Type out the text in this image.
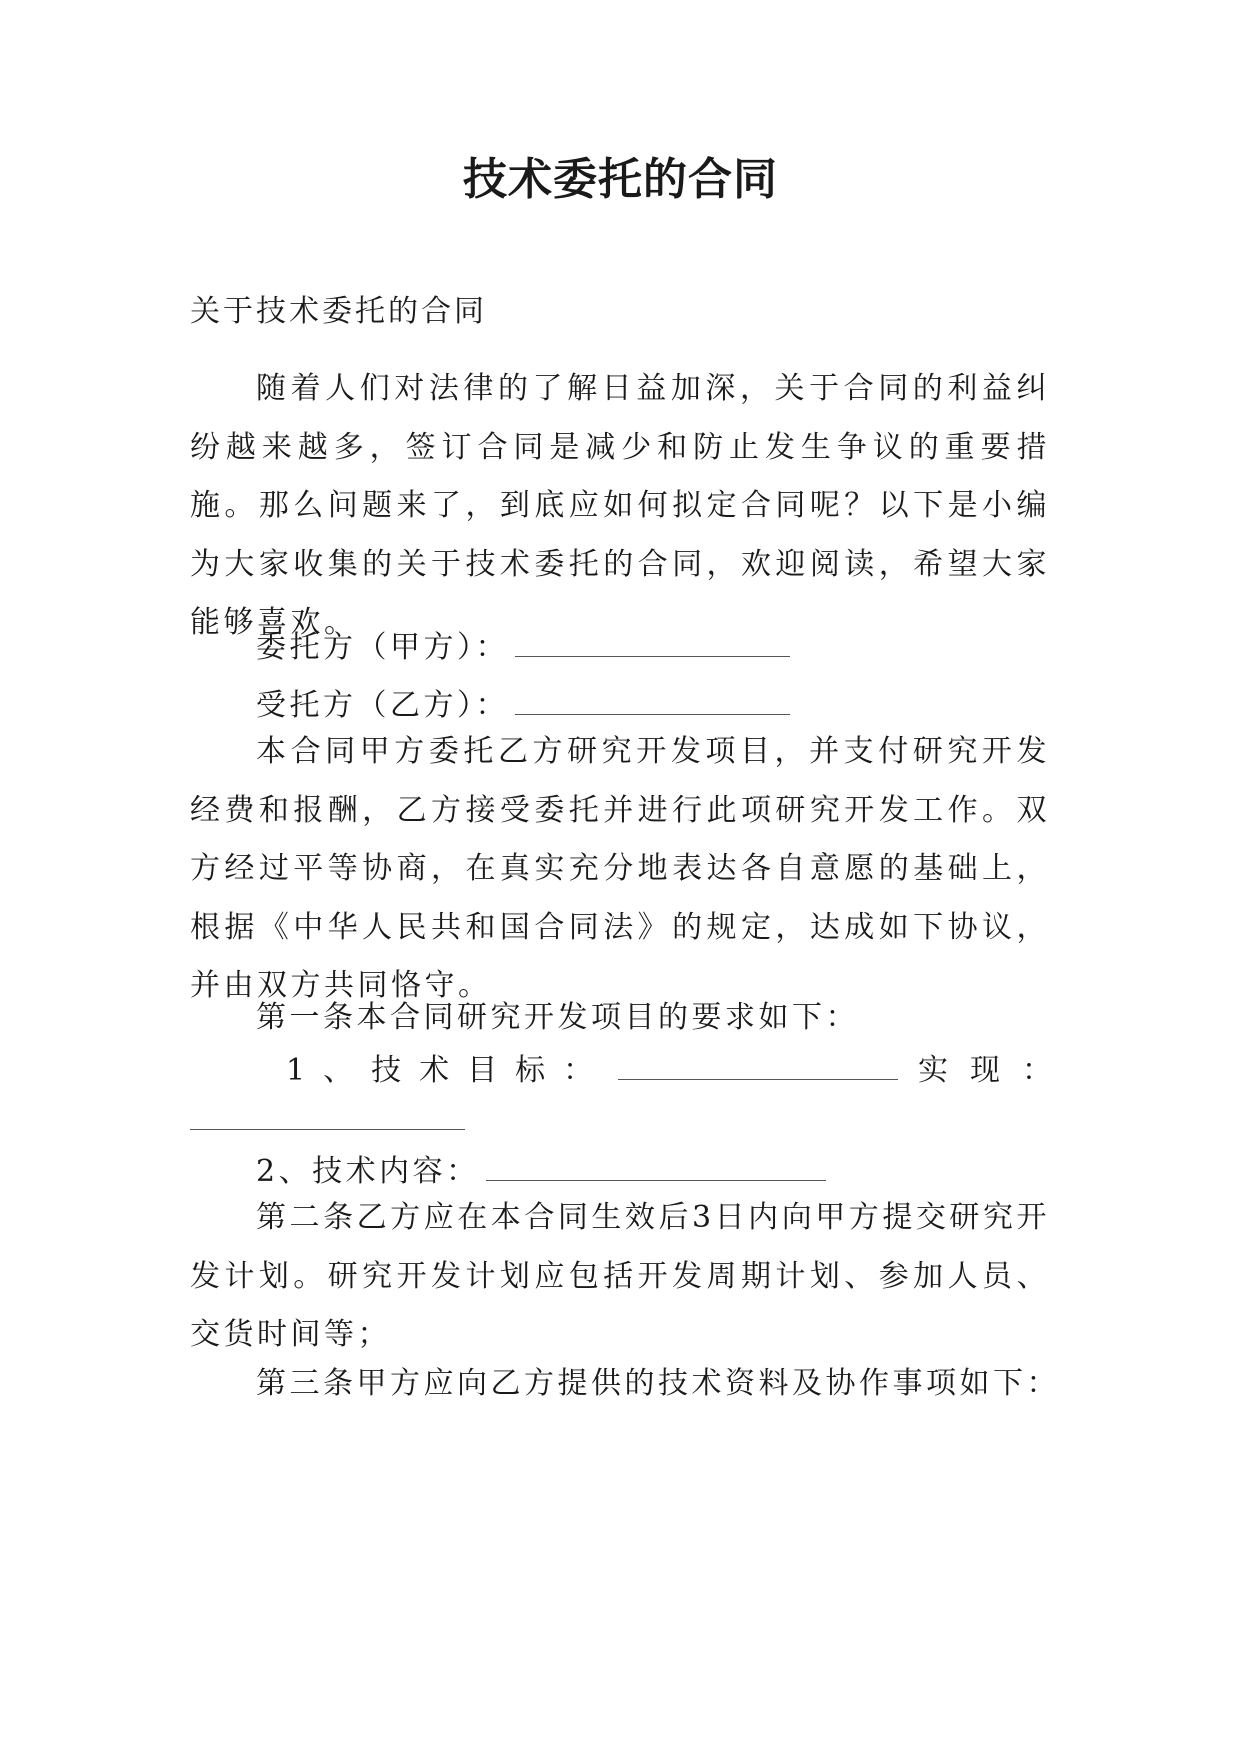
技术委托的合同
关于技术委托的合同
随着人们对法律的了解日益加深，关于合同的利益纠纷越来越多，签订合同是减少和防止发生争议的重要措施。那么问题来了，到底应如何拟定合同呢？以下是小编为大家收集的关于技术委托的合同，欢迎阅读，希望大家能够喜欢。
委托方（甲方）：
受托方（乙方）：
本合同甲方委托乙方研究开发项目，并支付研究开发经费和报酬，乙方接受委托并进行此项研究开发工作。双方经过平等协商，在真实充分地表达各自意愿的基础上，根据《中华人民共和国合同法》的规定，达成如下协议，并由双方共同恪守。
第一条本合同研究开发项目的要求如下：
1、技术目标：	实现：
2、技术内容：
第二条乙方应在本合同生效后3日内向甲方提交研究开发计划。研究开发计划应包括开发周期计划、参加人员、交货时间等；
第三条甲方应向乙方提供的技术资料及协作事项如下：
